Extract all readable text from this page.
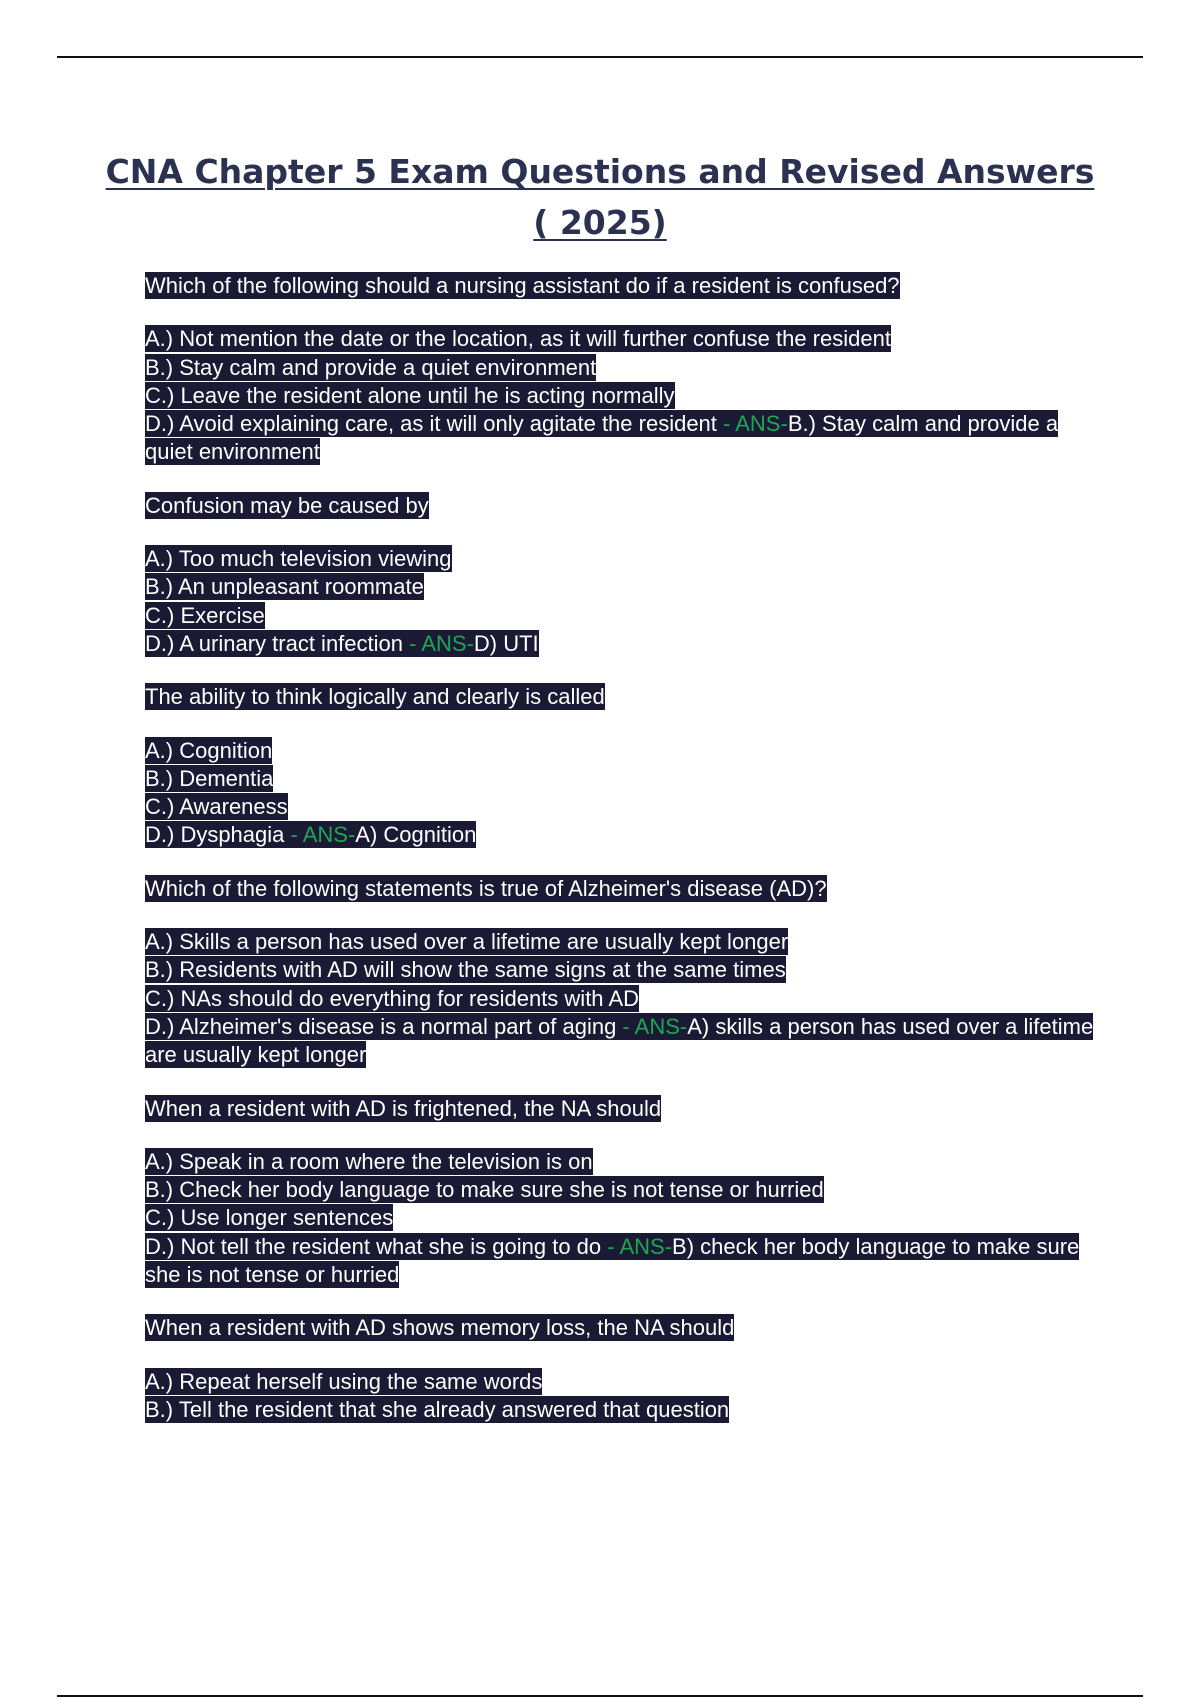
CNA Chapter 5 Exam Questions and Revised Answers
( 2025)

Which of the following should a nursing assistant do if a resident is confused?

A.) Not mention the date or the location, as it will further confuse the resident
B.) Stay calm and provide a quiet environment
C.) Leave the resident alone until he is acting normally
D.) Avoid explaining care, as it will only agitate the resident - ANS-B.) Stay calm and provide a quiet environment

Confusion may be caused by

A.) Too much television viewing
B.) An unpleasant roommate
C.) Exercise
D.) A urinary tract infection - ANS-D) UTI

The ability to think logically and clearly is called

A.) Cognition
B.) Dementia
C.) Awareness
D.) Dysphagia - ANS-A) Cognition

Which of the following statements is true of Alzheimer's disease (AD)?

A.) Skills a person has used over a lifetime are usually kept longer
B.) Residents with AD will show the same signs at the same times
C.) NAs should do everything for residents with AD
D.) Alzheimer's disease is a normal part of aging - ANS-A) skills a person has used over a lifetime are usually kept longer

When a resident with AD is frightened, the NA should

A.) Speak in a room where the television is on
B.) Check her body language to make sure she is not tense or hurried
C.) Use longer sentences
D.) Not tell the resident what she is going to do - ANS-B) check her body language to make sure she is not tense or hurried

When a resident with AD shows memory loss, the NA should

A.) Repeat herself using the same words
B.) Tell the resident that she already answered that question
